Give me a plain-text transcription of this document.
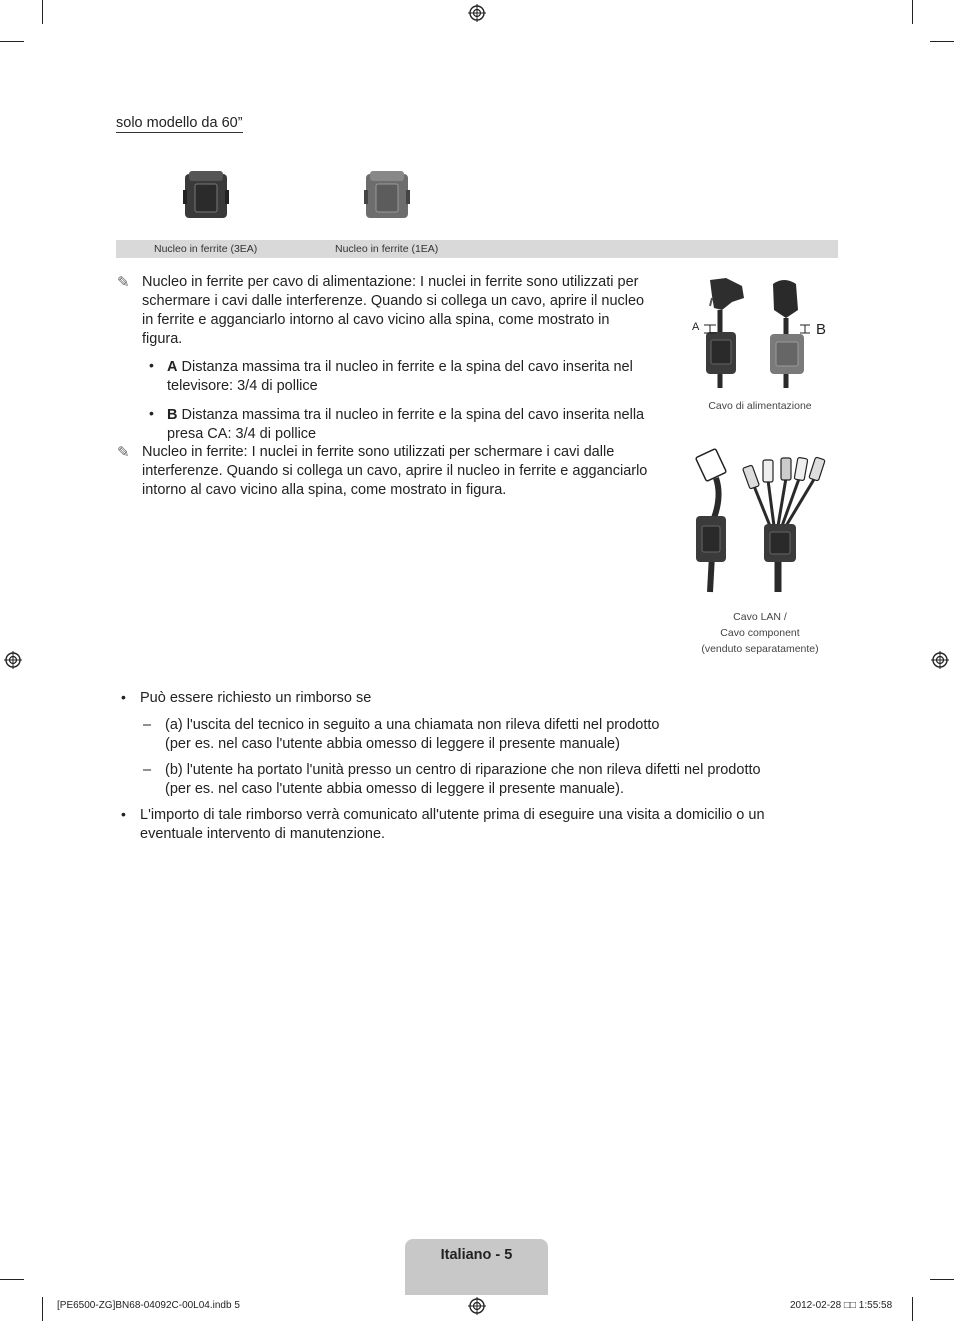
solo modello da 60”
Nucleo in ferrite (3EA)	Nucleo in ferrite (1EA)
✎ Nucleo in ferrite per cavo di alimentazione: I nuclei in ferrite sono utilizzati per
schermare i cavi dalle interferenze. Quando si collega un cavo, aprire il nucleo
in ferrite e agganciarlo intorno al cavo vicino alla spina, come mostrato in
figura.
• A Distanza massima tra il nucleo in ferrite e la spina del cavo inserita nel
televisore: 3/4 di pollice
• B Distanza massima tra il nucleo in ferrite e la spina del cavo inserita nella
presa CA: 3/4 di pollice
✎ Nucleo in ferrite: I nuclei in ferrite sono utilizzati per schermare i cavi dalle
interferenze. Quando si collega un cavo, aprire il nucleo in ferrite e agganciarlo
intorno al cavo vicino alla spina, come mostrato in figura.
A	B
Cavo di alimentazione
Cavo LAN /
Cavo component
(venduto separatamente)
• Può essere richiesto un rimborso se
– (a) l'uscita del tecnico in seguito a una chiamata non rileva difetti nel prodotto
(per es. nel caso l'utente abbia omesso di leggere il presente manuale)
– (b) l'utente ha portato l'unità presso un centro di riparazione che non rileva difetti nel prodotto
(per es. nel caso l'utente abbia omesso di leggere il presente manuale).
• L'importo di tale rimborso verrà comunicato all'utente prima di eseguire una visita a domicilio o un
eventuale intervento di manutenzione.
Italiano - 5
[PE6500-ZG]BN68-04092C-00L04.indb 5	2012-02-28 □□ 1:55:58
